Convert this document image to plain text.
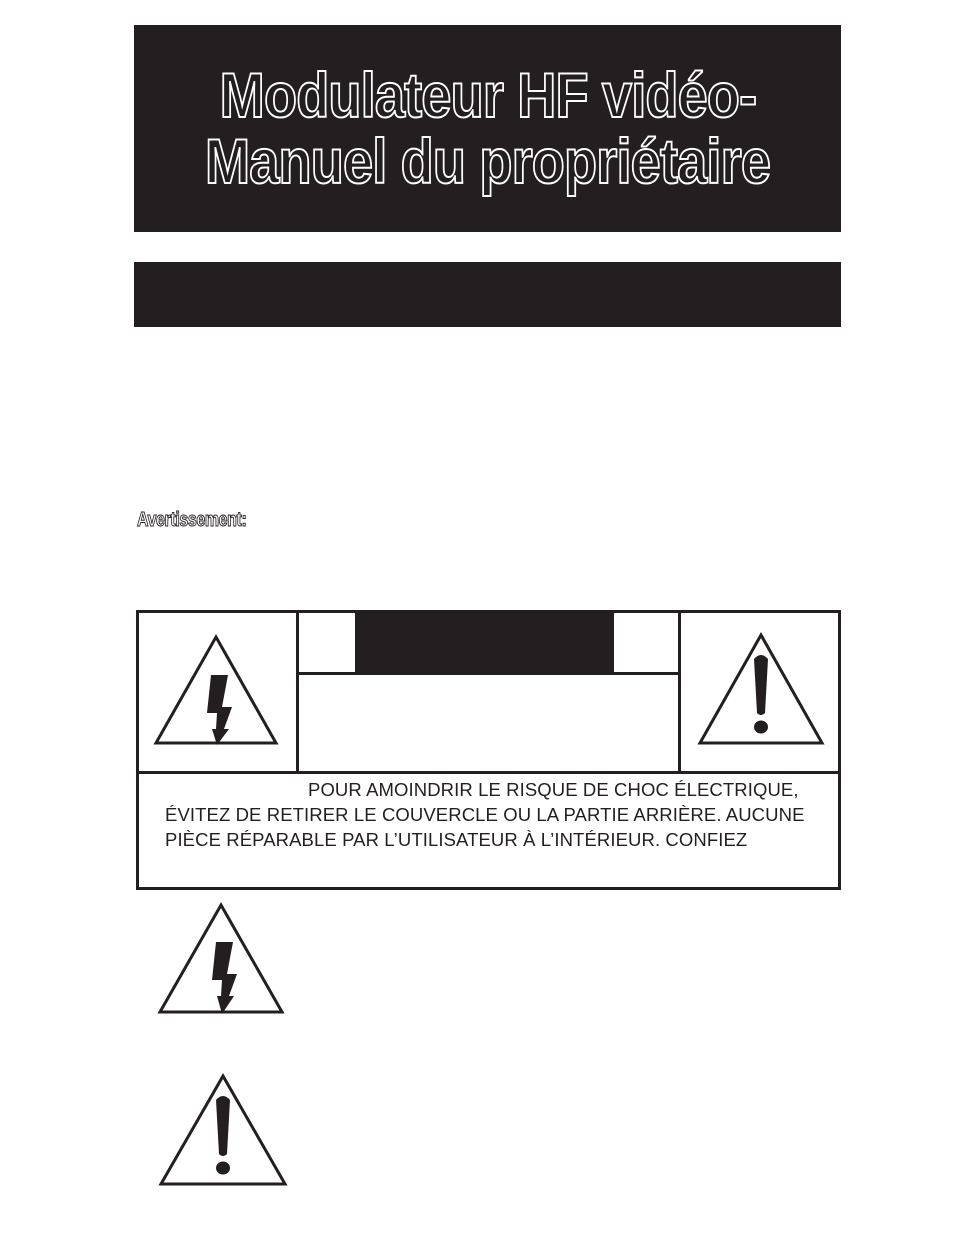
Modulateur HF vidéo-
Manuel du propriétaire
Avertissement:
POUR AMOINDRIR LE RISQUE DE CHOC ÉLECTRIQUE,
ÉVITEZ DE RETIRER LE COUVERCLE OU LA PARTIE ARRIÈRE. AUCUNE
PIÈCE RÉPARABLE PAR L’UTILISATEUR À L’INTÉRIEUR. CONFIEZ
